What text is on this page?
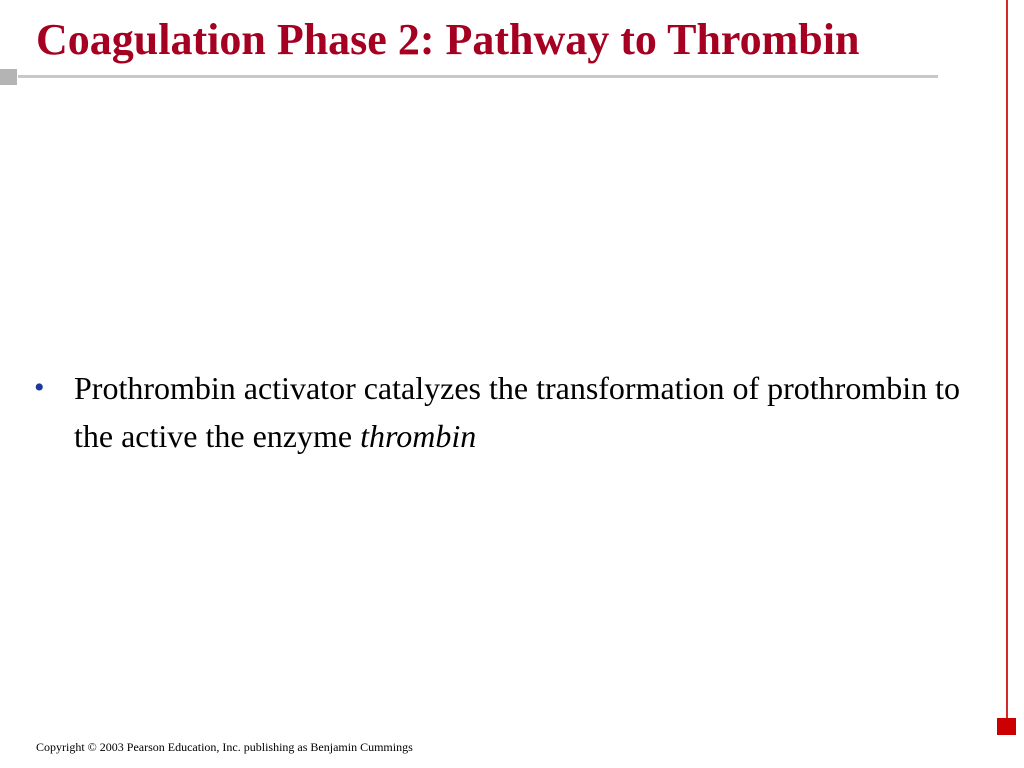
Coagulation Phase 2: Pathway to Thrombin
• Prothrombin activator catalyzes the transformation of prothrombin to the active the enzyme thrombin
Copyright © 2003 Pearson Education, Inc. publishing as Benjamin Cummings
